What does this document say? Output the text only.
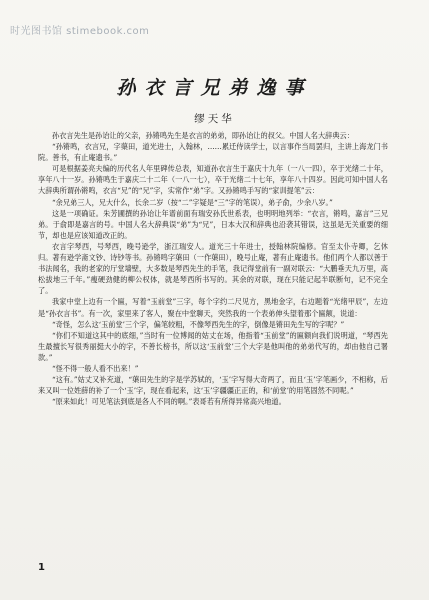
时光图书馆 stimebook.com
孙衣言兄弟逸事
缪天华

孙衣言先生是孙诒让的父亲，孙锵鸣先生是衣言的弟弟，即孙诒让的叔父。中国人名大辞典云：

“孙锵鸣，衣言兄，字蕖田，道光进士，入翰林，……累迁侍读学士，以言事作当局罢归，主讲上海龙门书院。善书，有止庵遗书。”

可是根据姜亮夫编的历代名人年里碑传总表，知道孙衣言生于嘉庆十九年（一八一四），卒于光绪二十年，享年八十一岁。孙锵鸣生于嘉庆二十二年（一八一七），卒于光绪二十七年，享年八十四岁。因此可知中国人名大辞典所谓孙锵鸣，衣言“兄”的“兄”字，实常作“弟”字。又孙锵鸣手写的“家训提笔”云：

“余兄弟三人，兄大什么，长余二岁（按“二”字疑是“三”字的笔误），弟子俞，少余八岁。”

这是一项确证。朱芳圃撰的孙诒让年谱前面有瑞安孙氏世系表，也明明地列举：“衣言，锵鸣，嘉言”三兄弟。于俞即是嘉言的号。中国人名大辞典误“弟”为“兄”，日本大汉和辞典也沿袭其错误，这虽是无关重要的细节，却也是应该知道改正的。

衣言字琴西，号琴西，晚号逊学，浙江瑞安人。道光三十年进士，授翰林院编修。官至太仆寺卿，乞休归。著有逊学斋文钞、诗钞等书。孙锵鸣字蕖田（一作蕖田），晚号止庵，著有止庵遗书。他们两个人都以善于书法闻名，我的老家的厅堂墙壁，大多数是琴西先生的手笔，我记得堂前有一副对联云：“大鹏垂天九万里，高松拔地三千年。”瘦硬劲健的柳公权体，就是琴西所书写的。其余的对联，现在只能记起半联断句，记不完全了。

我家中堂上边有一个匾，写着“玉前堂”三字，每个字约二尺见方，黑地金字，右边题着“光绪甲辰”，左边是“孙衣言书”。有一次，家里来了客人，聚在中堂聊天，突然我的一个表弟伸头望着那个匾额，说道：

“奇怪，怎么这‘玉前堂’三个字，偏笔较粗，不像琴西先生的字，倒像是锵田先生写的字呢？”

“你们不知道这其中的底细，”当时有一位博闻的姑丈在场，他指着“玉前堂”的匾额向我们说明道，“琴西先生最擅长写很秀丽挺大小的字，不善长榜书，所以这‘玉前堂’三个大字是他叫他的弟弟代写的，却由他自己署款。”

“怪不得一般人看不出来！”

“这有。”姑丈又补充道，“蕖田先生的字是学苏轼的，‘玉’字写得大奇两了，而且‘玉’字笔画少，不相称，后来又叫一位姓薛的补了一个‘玉’字，现在看起来，这‘玉’字疆疆正正的，和‘前堂’的用笔固然不同呢。”

“原来如此！可见笔法到底是各人不同的啊。”表哥若有所得异常高兴地道。

1
